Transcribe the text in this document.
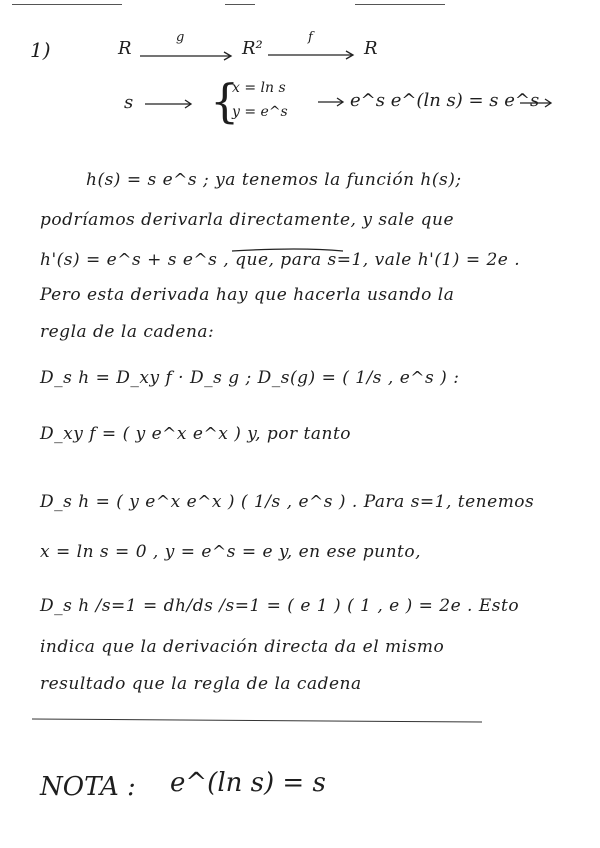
1)	R
g
R²
f
R
s {
x = ln s
y = e^s
e^s e^(ln s) = s e^s
h(s) = s e^s ; ya tenemos la función h(s);
podríamos derivarla directamente, y sale que
h'(s) = e^s + s e^s , que, para s=1, vale h'(1) = 2e .
Pero esta derivada hay que hacerla usando la
regla de la cadena:
D_s h = D_xy f · D_s g ; D_s(g) = ( 1/s , e^s ) :
D_xy f = ( y e^x e^x ) y, por tanto
D_s h = ( y e^x e^x ) ( 1/s , e^s ) . Para s=1, tenemos
x = ln s = 0 , y = e^s = e y, en ese punto,
D_s h /s=1 = dh/ds /s=1 = ( e 1 ) ( 1 , e ) = 2e . Esto
indica que la derivación directa da el mismo
resultado que la regla de la cadena
NOTA : e^(ln s) = s
